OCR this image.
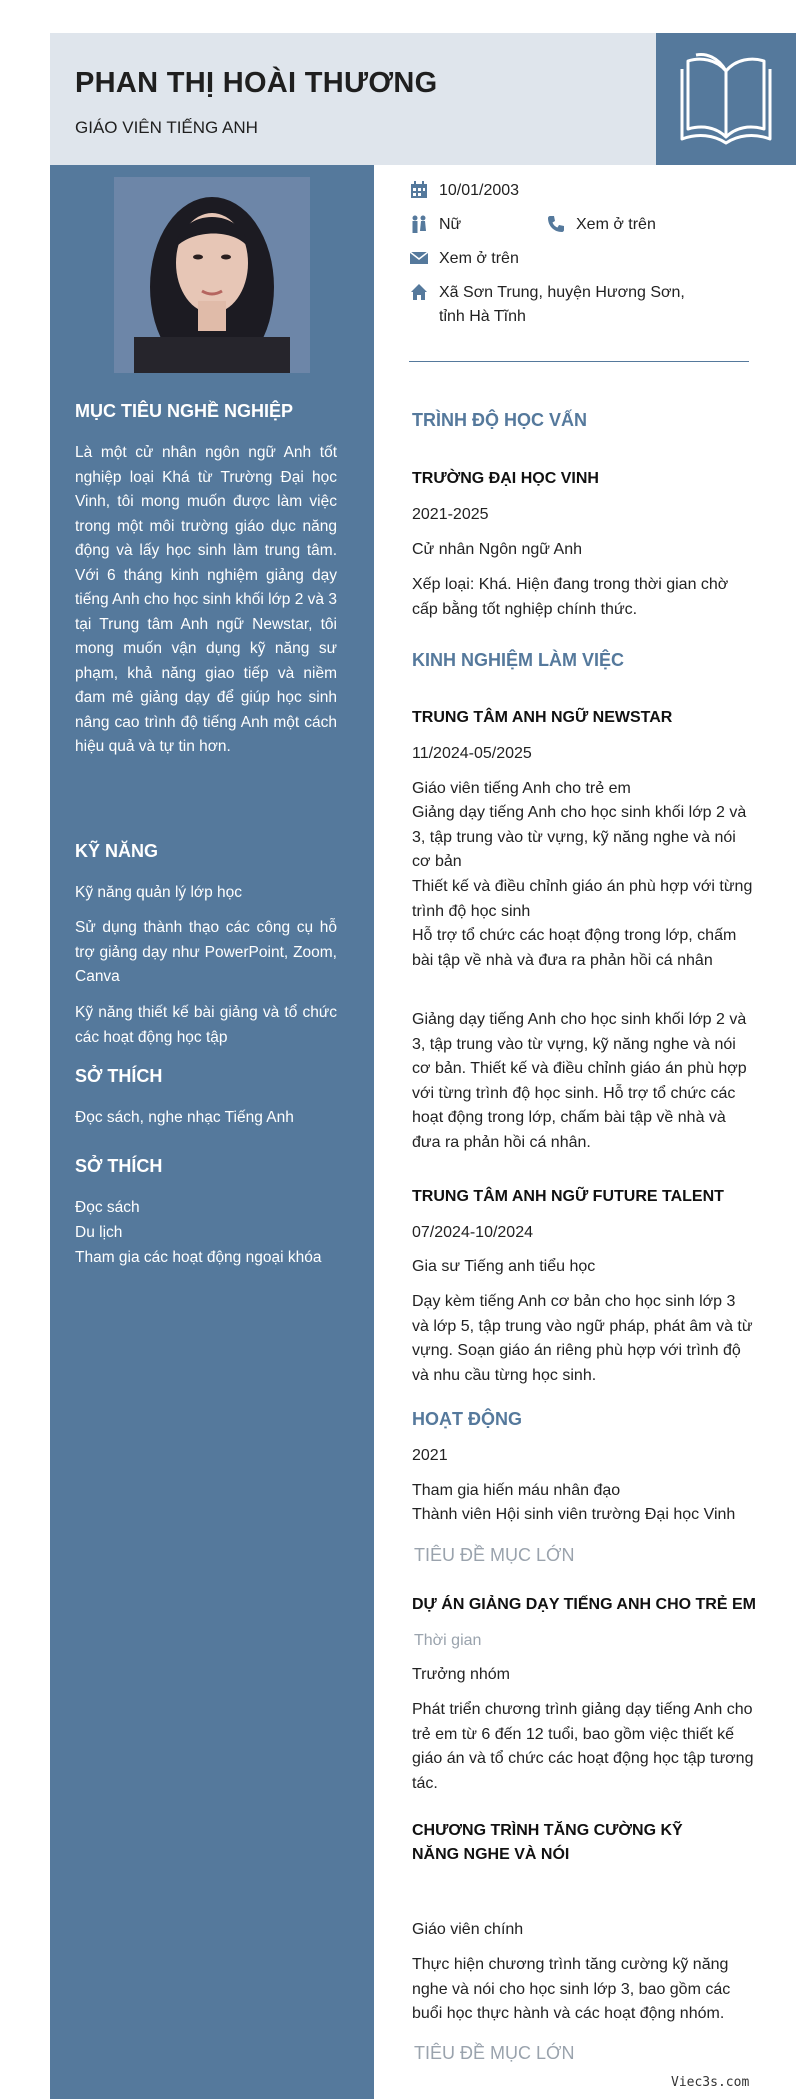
PHAN THỊ HOÀI THƯƠNG
GIÁO VIÊN TIẾNG ANH
MỤC TIÊU NGHỀ NGHIỆP
Là một cử nhân ngôn ngữ Anh tốt nghiệp loại Khá từ Trường Đại học Vinh, tôi mong muốn được làm việc trong một môi trường giáo dục năng động và lấy học sinh làm trung tâm. Với 6 tháng kinh nghiệm giảng dạy tiếng Anh cho học sinh khối lớp 2 và 3 tại Trung tâm Anh ngữ Newstar, tôi mong muốn vận dụng kỹ năng sư phạm, khả năng giao tiếp và niềm đam mê giảng dạy để giúp học sinh nâng cao trình độ tiếng Anh một cách hiệu quả và tự tin hơn.
KỸ NĂNG
Kỹ năng quản lý lớp học
Sử dụng thành thạo các công cụ hỗ trợ giảng dạy như PowerPoint, Zoom, Canva
Kỹ năng thiết kế bài giảng và tổ chức các hoạt động học tập
SỞ THÍCH
Đọc sách, nghe nhạc Tiếng Anh
SỞ THÍCH
Đọc sách
Du lịch
Tham gia các hoạt động ngoại khóa
10/01/2003
Nữ	Xem ở trên
Xem ở trên
Xã Sơn Trung, huyện Hương Sơn,
tỉnh Hà Tĩnh
TRÌNH ĐỘ HỌC VẤN
TRƯỜNG ĐẠI HỌC VINH
2021-2025
Cử nhân Ngôn ngữ Anh
Xếp loại: Khá. Hiện đang trong thời gian chờ cấp bằng tốt nghiệp chính thức.
KINH NGHIỆM LÀM VIỆC
TRUNG TÂM ANH NGỮ NEWSTAR
11/2024-05/2025
Giáo viên tiếng Anh cho trẻ em
Giảng dạy tiếng Anh cho học sinh khối lớp 2 và 3, tập trung vào từ vựng, kỹ năng nghe và nói cơ bản
Thiết kế và điều chỉnh giáo án phù hợp với từng trình độ học sinh
Hỗ trợ tổ chức các hoạt động trong lớp, chấm bài tập về nhà và đưa ra phản hồi cá nhân
Giảng dạy tiếng Anh cho học sinh khối lớp 2 và 3, tập trung vào từ vựng, kỹ năng nghe và nói cơ bản. Thiết kế và điều chỉnh giáo án phù hợp với từng trình độ học sinh. Hỗ trợ tổ chức các hoạt động trong lớp, chấm bài tập về nhà và đưa ra phản hồi cá nhân.
TRUNG TÂM ANH NGỮ FUTURE TALENT
07/2024-10/2024
Gia sư Tiếng anh tiểu học
Dạy kèm tiếng Anh cơ bản cho học sinh lớp 3 và lớp 5, tập trung vào ngữ pháp, phát âm và từ vựng. Soạn giáo án riêng phù hợp với trình độ và nhu cầu từng học sinh.
HOẠT ĐỘNG
2021
Tham gia hiến máu nhân đạo
Thành viên Hội sinh viên trường Đại học Vinh
TIÊU ĐỀ MỤC LỚN
DỰ ÁN GIẢNG DẠY TIẾNG ANH CHO TRẺ EM
Thời gian
Trưởng nhóm
Phát triển chương trình giảng dạy tiếng Anh cho trẻ em từ 6 đến 12 tuổi, bao gồm việc thiết kế giáo án và tổ chức các hoạt động học tập tương tác.
CHƯƠNG TRÌNH TĂNG CƯỜNG KỸ NĂNG NGHE VÀ NÓI
Giáo viên chính
Thực hiện chương trình tăng cường kỹ năng nghe và nói cho học sinh lớp 3, bao gồm các buổi học thực hành và các hoạt động nhóm.
TIÊU ĐỀ MỤC LỚN
Viec3s.com
